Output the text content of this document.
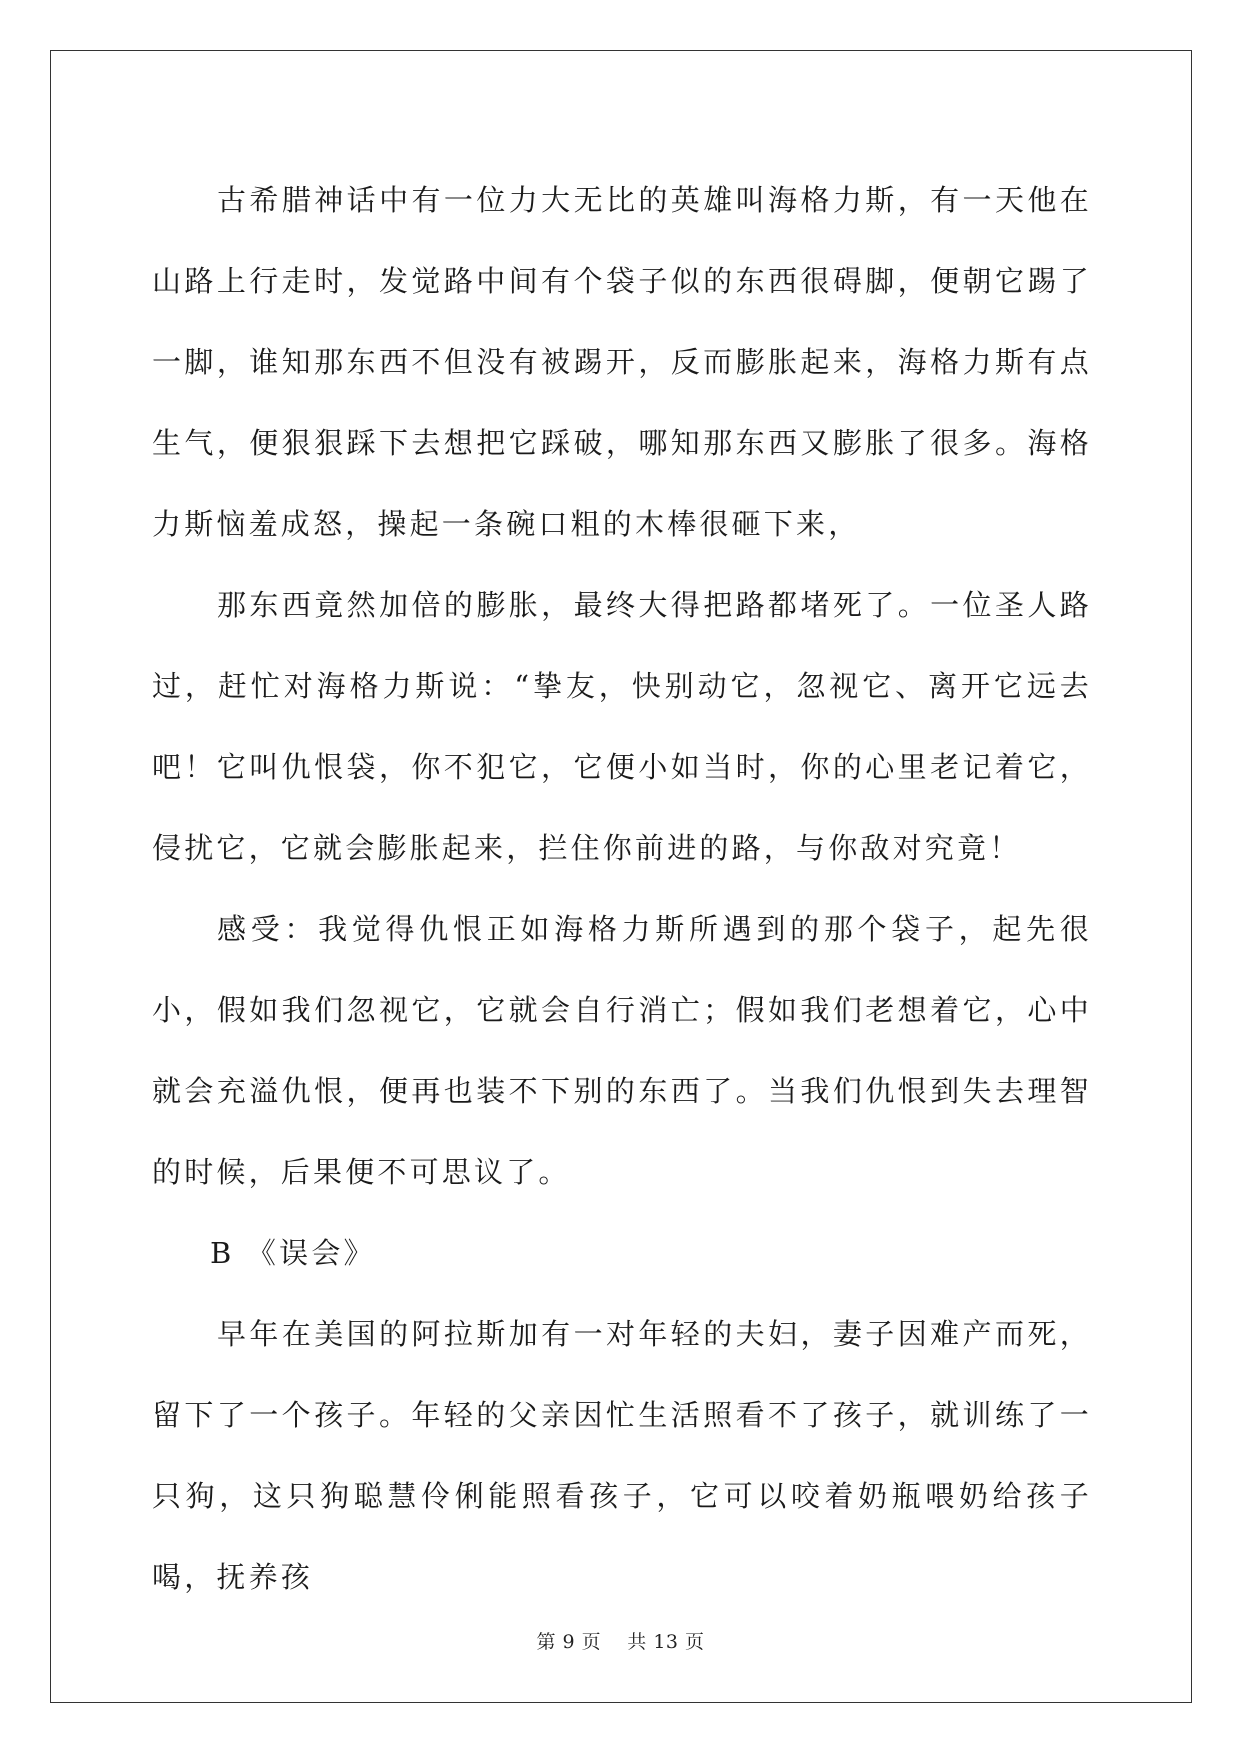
古希腊神话中有一位力大无比的英雄叫海格力斯，有一天他在山路上行走时，发觉路中间有个袋子似的东西很碍脚，便朝它踢了一脚，谁知那东西不但没有被踢开，反而膨胀起来，海格力斯有点生气，便狠狠踩下去想把它踩破，哪知那东西又膨胀了很多。海格力斯恼羞成怒，操起一条碗口粗的木棒很砸下来，

那东西竟然加倍的膨胀，最终大得把路都堵死了。一位圣人路过，赶忙对海格力斯说：“挚友，快别动它，忽视它、离开它远去吧！它叫仇恨袋，你不犯它，它便小如当时，你的心里老记着它，侵扰它，它就会膨胀起来，拦住你前进的路，与你敌对究竟！

感受：我觉得仇恨正如海格力斯所遇到的那个袋子，起先很小，假如我们忽视它，它就会自行消亡；假如我们老想着它，心中就会充溢仇恨，便再也装不下别的东西了。当我们仇恨到失去理智的时候，后果便不可思议了。

B 《误会》

早年在美国的阿拉斯加有一对年轻的夫妇，妻子因难产而死，留下了一个孩子。年轻的父亲因忙生活照看不了孩子，就训练了一只狗，这只狗聪慧伶俐能照看孩子，它可以咬着奶瓶喂奶给孩子喝，抚养孩

第 9 页 共 13 页
